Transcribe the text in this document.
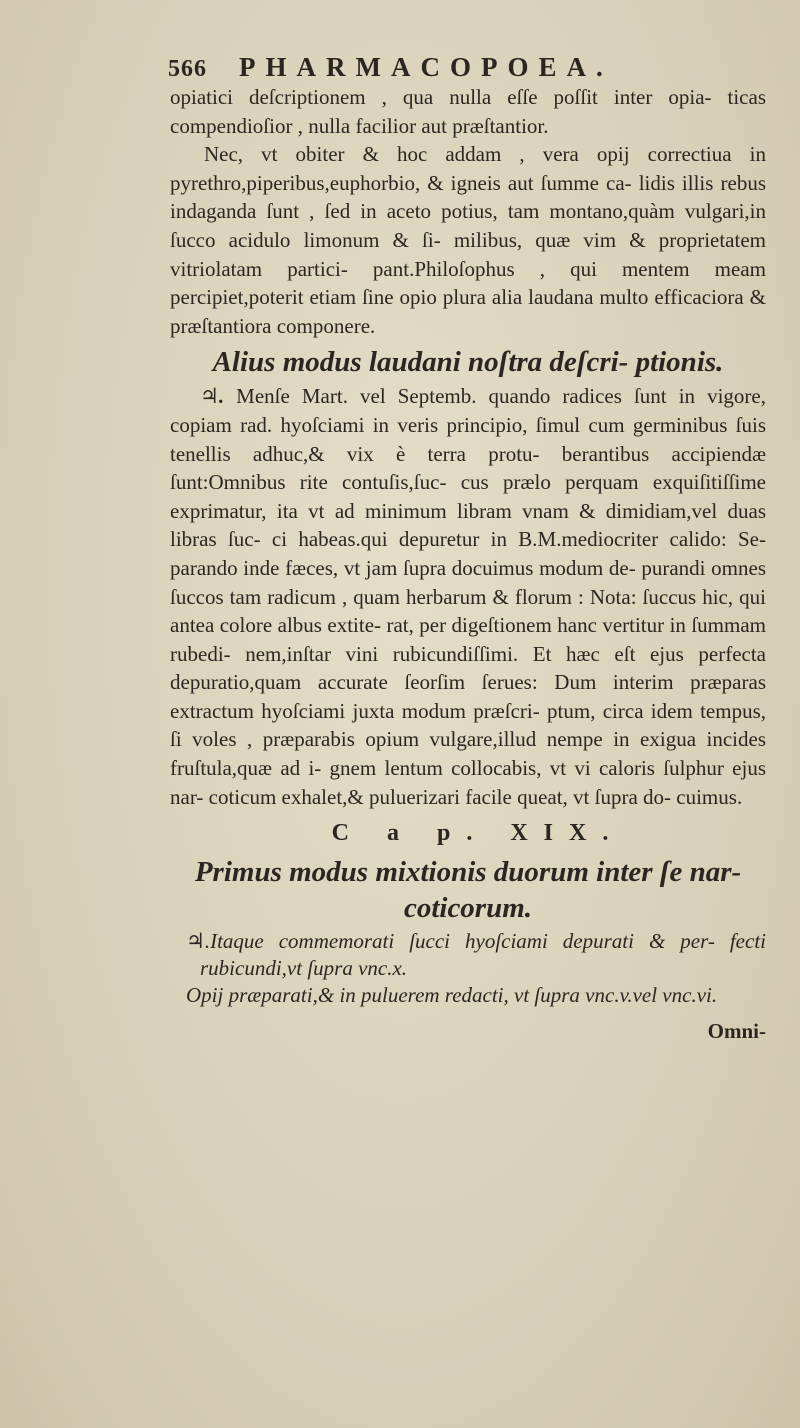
566 PHARMACOPOEA.

opiatici deſcriptionem , qua nulla eſſe poſſit inter opia- ticas compendioſior , nulla facilior aut præſtantior.

Nec, vt obiter & hoc addam , vera opij correctiua in pyrethro,piperibus,euphorbio, & igneis aut ſumme ca- lidis illis rebus indaganda ſunt , ſed in aceto potius, tam montano,quàm vulgari,in ſucco acidulo limonum & ſi- milibus, quæ vim & proprietatem vitriolatam partici- pant.Philoſophus , qui mentem meam percipiet,poterit etiam ſine opio plura alia laudana multo efficaciora & præſtantiora componere.

Alius modus laudani noſtra deſcri- ptionis.

♃. Menſe Mart. vel Septemb. quando radices ſunt in vigore, copiam rad. hyoſciami in veris principio, ſimul cum germinibus ſuis tenellis adhuc,& vix è terra protu- berantibus accipiendæ ſunt:Omnibus rite contuſis,ſuc- cus prælo perquam exquiſitiſſime exprimatur, ita vt ad minimum libram vnam & dimidiam,vel duas libras ſuc- ci habeas.qui depuretur in B.M.mediocriter calido: Se- parando inde fæces, vt jam ſupra docuimus modum de- purandi omnes ſuccos tam radicum , quam herbarum & florum : Nota: ſuccus hic, qui antea colore albus extite- rat, per digeſtionem hanc vertitur in ſummam rubedi- nem,inſtar vini rubicundiſſimi. Et hæc eſt ejus perfecta depuratio,quam accurate ſeorſim ſerues: Dum interim præparas extractum hyoſciami juxta modum præſcri- ptum, circa idem tempus, ſi voles , præparabis opium vulgare,illud nempe in exigua incides fruſtula,quæ ad i- gnem lentum collocabis, vt vi caloris ſulphur ejus nar- coticum exhalet,& puluerizari facile queat, vt ſupra do- cuimus.

C a p. XIX.
Primus modus mixtionis duorum inter ſe nar- coticorum.

♃.Itaque commemorati ſucci hyoſciami depurati & per- fecti rubicundi,vt ſupra vnc.x.

Opij præparati,& in puluerem redacti, vt ſupra vnc.v.vel vnc.vi.

Omni-
